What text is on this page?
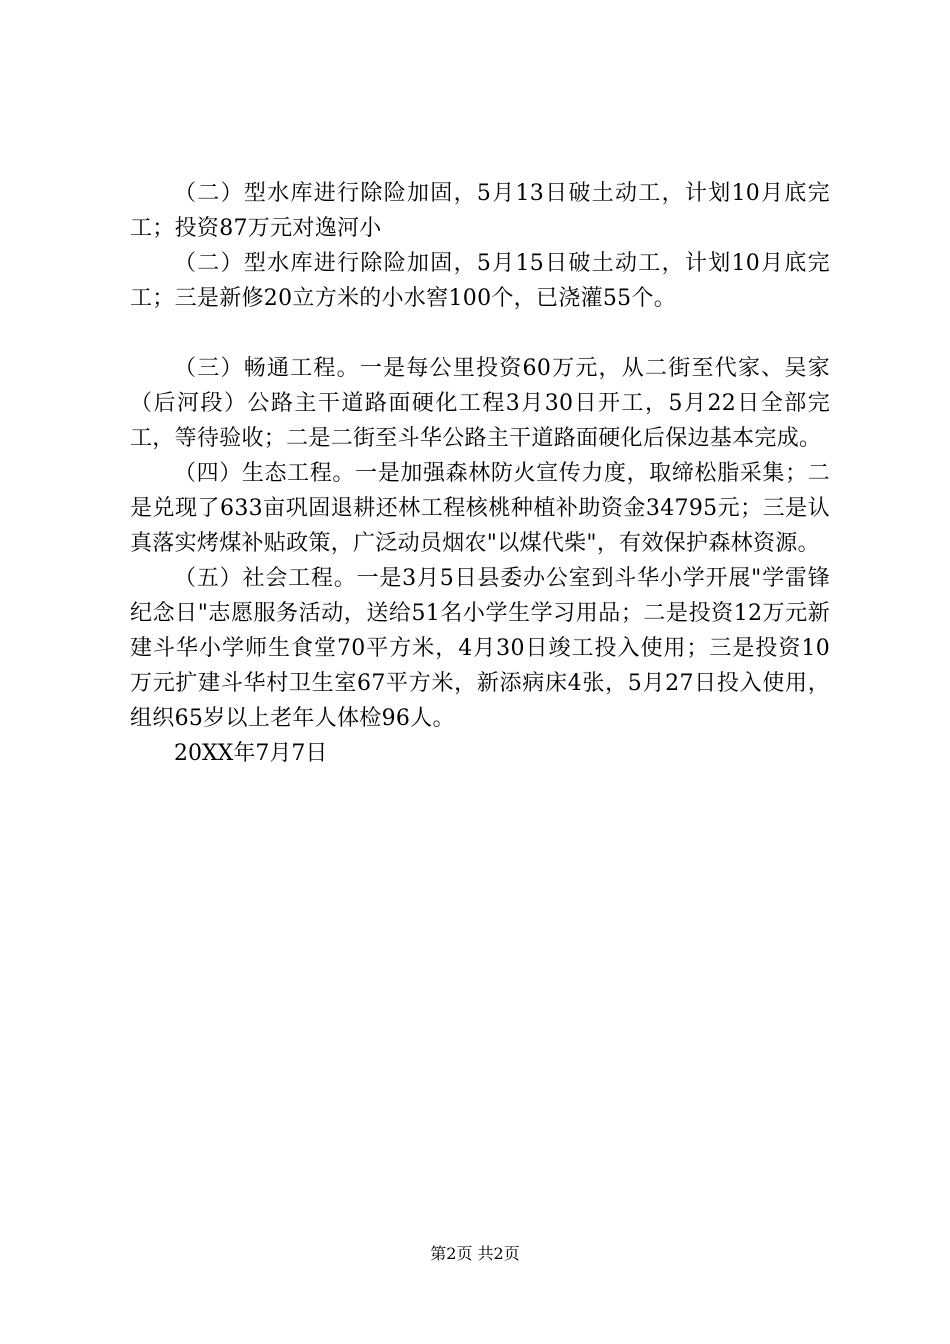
（二）型水库进行除险加固，5月13日破土动工，计划10月底完工；投资87万元对逸河小

（二）型水库进行除险加固，5月15日破土动工，计划10月底完工；三是新修20立方米的小水窖100个，已浇灌55个。

（三）畅通工程。一是每公里投资60万元，从二街至代家、吴家（后河段）公路主干道路面硬化工程3月30日开工，5月22日全部完工，等待验收；二是二街至斗华公路主干道路面硬化后保边基本完成。

（四）生态工程。一是加强森林防火宣传力度，取缔松脂采集；二是兑现了633亩巩固退耕还林工程核桃种植补助资金34795元；三是认真落实烤煤补贴政策，广泛动员烟农"以煤代柴"，有效保护森林资源。

（五）社会工程。一是3月5日县委办公室到斗华小学开展"学雷锋纪念日"志愿服务活动，送给51名小学生学习用品；二是投资12万元新建斗华小学师生食堂70平方米，4月30日竣工投入使用；三是投资10万元扩建斗华村卫生室67平方米，新添病床4张，5月27日投入使用，组织65岁以上老年人体检96人。

20XX年7月7日

第2页 共2页
